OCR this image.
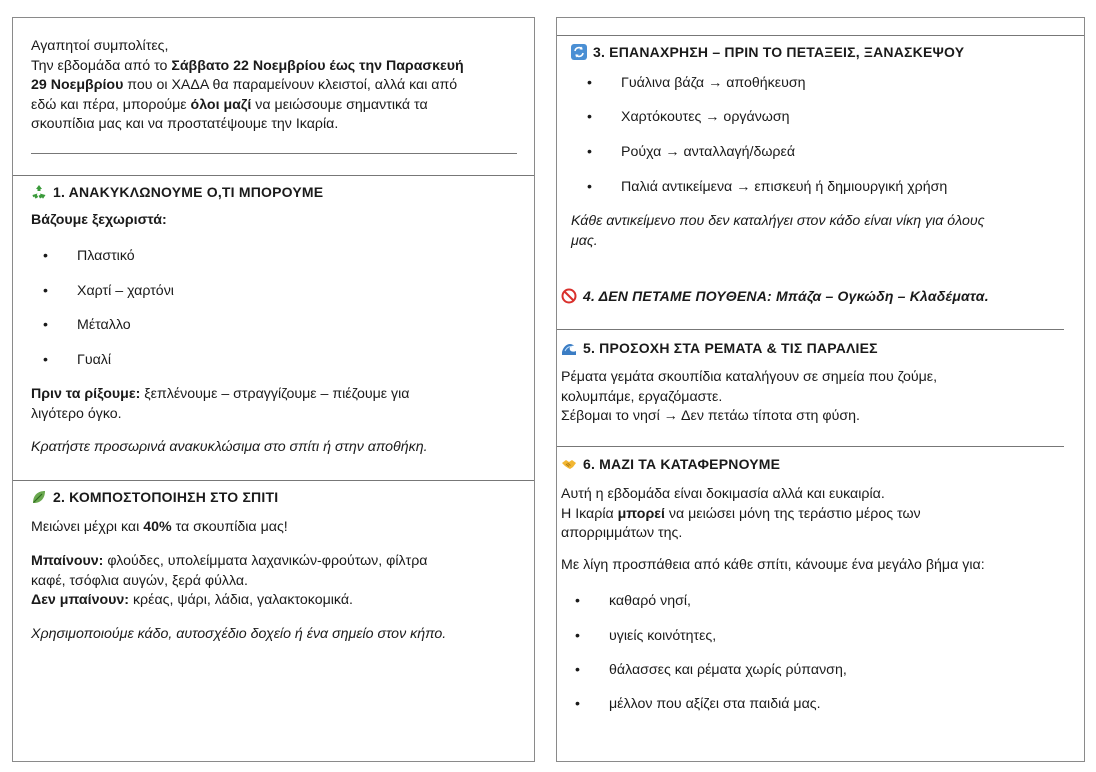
Αγαπητοί συμπολίτες,
Την εβδομάδα από το Σάββατο 22 Νοεμβρίου έως την Παρασκευή
29 Νοεμβρίου που οι ΧΑΔΑ θα παραμείνουν κλειστοί, αλλά και από
εδώ και πέρα, μπορούμε όλοι μαζί να μειώσουμε σημαντικά τα
σκουπίδια μας και να προστατέψουμε την Ικαρία.
1. ΑΝΑΚΥΚΛΩΝΟΥΜΕ Ο,ΤΙ ΜΠΟΡΟΥΜΕ
Βάζουμε ξεχωριστά:
• Πλαστικό
• Χαρτί – χαρτόνι
• Μέταλλο
• Γυαλί
Πριν τα ρίξουμε: ξεπλένουμε – στραγγίζουμε – πιέζουμε για
λιγότερο όγκο.
Κρατήστε προσωρινά ανακυκλώσιμα στο σπίτι ή στην αποθήκη.
2. ΚΟΜΠΟΣΤΟΠΟΙΗΣΗ ΣΤΟ ΣΠΙΤΙ
Μειώνει μέχρι και 40% τα σκουπίδια μας!
Μπαίνουν: φλούδες, υπολείμματα λαχανικών-φρούτων, φίλτρα
καφέ, τσόφλια αυγών, ξερά φύλλα.
Δεν μπαίνουν: κρέας, ψάρι, λάδια, γαλακτοκομικά.
Χρησιμοποιούμε κάδο, αυτοσχέδιο δοχείο ή ένα σημείο στον κήπο.
3. ΕΠΑΝΑΧΡΗΣΗ – ΠΡΙΝ ΤΟ ΠΕΤΑΞΕΙΣ, ΞΑΝΑΣΚΕΨΟΥ
• Γυάλινα βάζα → αποθήκευση
• Χαρτόκουτες → οργάνωση
• Ρούχα → ανταλλαγή/δωρεά
• Παλιά αντικείμενα → επισκευή ή δημιουργική χρήση
Κάθε αντικείμενο που δεν καταλήγει στον κάδο είναι νίκη για όλους
μας.
4. ΔΕΝ ΠΕΤΑΜΕ ΠΟΥΘΕΝΑ: Μπάζα – Ογκώδη – Κλαδέματα.
5. ΠΡΟΣΟΧΗ ΣΤΑ ΡΕΜΑΤΑ & ΤΙΣ ΠΑΡΑΛΙΕΣ
Ρέματα γεμάτα σκουπίδια καταλήγουν σε σημεία που ζούμε,
κολυμπάμε, εργαζόμαστε.
Σέβομαι το νησί → Δεν πετάω τίποτα στη φύση.
6. ΜΑΖΙ ΤΑ ΚΑΤΑΦΕΡΝΟΥΜΕ
Αυτή η εβδομάδα είναι δοκιμασία αλλά και ευκαιρία.
Η Ικαρία μπορεί να μειώσει μόνη της τεράστιο μέρος των
απορριμμάτων της.
Με λίγη προσπάθεια από κάθε σπίτι, κάνουμε ένα μεγάλο βήμα για:
• καθαρό νησί,
• υγιείς κοινότητες,
• θάλασσες και ρέματα χωρίς ρύπανση,
• μέλλον που αξίζει στα παιδιά μας.
